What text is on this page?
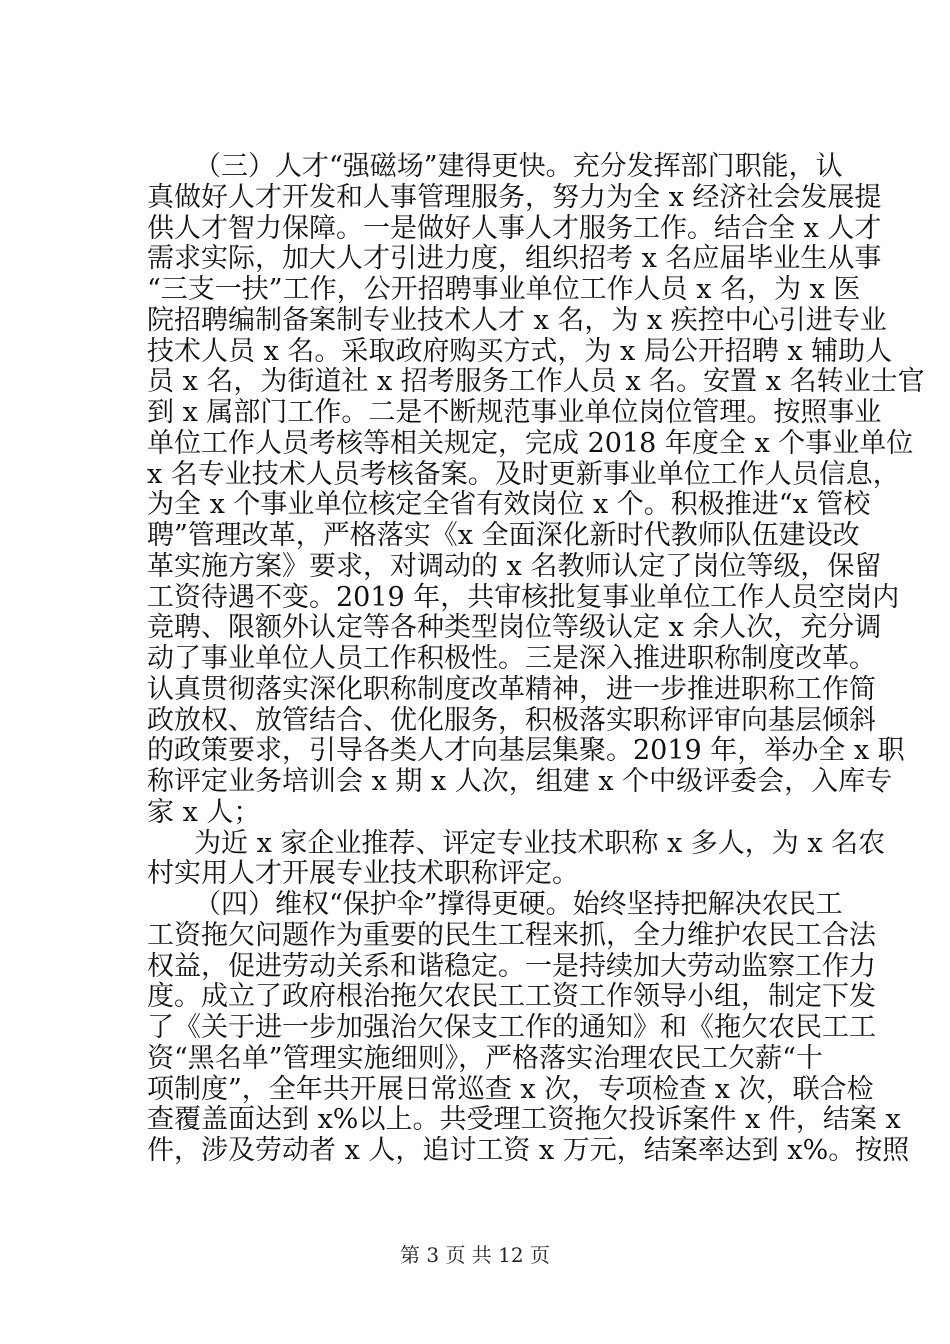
（三）人才“强磁场”建得更快。充分发挥部门职能，认
真做好人才开发和人事管理服务，努力为全 x 经济社会发展提
供人才智力保障。一是做好人事人才服务工作。结合全 x 人才
需求实际，加大人才引进力度，组织招考 x 名应届毕业生从事
“三支一扶”工作，公开招聘事业单位工作人员 x 名，为 x 医
院招聘编制备案制专业技术人才 x 名，为 x 疾控中心引进专业
技术人员 x 名。采取政府购买方式，为 x 局公开招聘 x 辅助人
员 x 名，为街道社 x 招考服务工作人员 x 名。安置 x 名转业士官
到 x 属部门工作。二是不断规范事业单位岗位管理。按照事业
单位工作人员考核等相关规定，完成 2018 年度全 x 个事业单位
x 名专业技术人员考核备案。及时更新事业单位工作人员信息，
为全 x 个事业单位核定全省有效岗位 x 个。积极推进“x 管校
聘”管理改革，严格落实《x 全面深化新时代教师队伍建设改
革实施方案》要求，对调动的 x 名教师认定了岗位等级，保留
工资待遇不变。2019 年，共审核批复事业单位工作人员空岗内
竞聘、限额外认定等各种类型岗位等级认定 x 余人次，充分调
动了事业单位人员工作积极性。三是深入推进职称制度改革。
认真贯彻落实深化职称制度改革精神，进一步推进职称工作简
政放权、放管结合、优化服务，积极落实职称评审向基层倾斜
的政策要求，引导各类人才向基层集聚。2019 年，举办全 x 职
称评定业务培训会 x 期 x 人次，组建 x 个中级评委会，入库专
家 x 人；
为近 x 家企业推荐、评定专业技术职称 x 多人，为 x 名农
村实用人才开展专业技术职称评定。
（四）维权“保护伞”撑得更硬。始终坚持把解决农民工
工资拖欠问题作为重要的民生工程来抓，全力维护农民工合法
权益，促进劳动关系和谐稳定。一是持续加大劳动监察工作力
度。成立了政府根治拖欠农民工工资工作领导小组，制定下发
了《关于进一步加强治欠保支工作的通知》和《拖欠农民工工
资“黑名单”管理实施细则》，严格落实治理农民工欠薪“十
项制度”，全年共开展日常巡查 x 次，专项检查 x 次，联合检
查覆盖面达到 x%以上。共受理工资拖欠投诉案件 x 件，结案 x
件，涉及劳动者 x 人，追讨工资 x 万元，结案率达到 x%。按照
第 3 页 共 12 页
